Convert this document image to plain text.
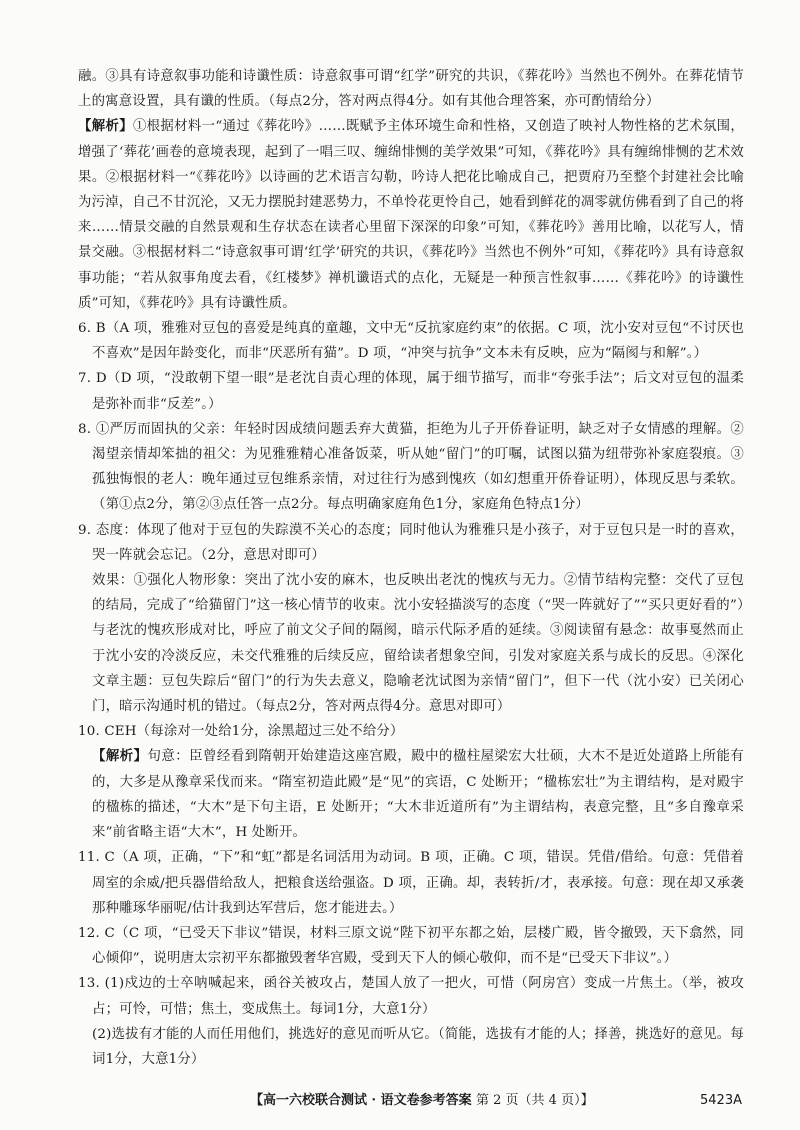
融。③具有诗意叙事功能和诗谶性质：诗意叙事可谓“红学”研究的共识，《葬花吟》当然也不例外。在葬花情节上的寓意设置，具有谶的性质。（每点2分，答对两点得4分。如有其他合理答案，亦可酌情给分）

【解析】①根据材料一“通过《葬花吟》……既赋予主体环境生命和性格，又创造了映衬人物性格的艺术氛围，增强了‘葬花’画卷的意境表现，起到了一唱三叹、缠绵悱恻的美学效果”可知，《葬花吟》具有缠绵悱恻的艺术效果。②根据材料一“《葬花吟》以诗画的艺术语言勾勒，吟诗人把花比喻成自己，把贾府乃至整个封建社会比喻为污淖，自己不甘沉沦，又无力摆脱封建恶势力，不单怜花更怜自己，她看到鲜花的凋零就仿佛看到了自己的将来……情景交融的自然景观和生存状态在读者心里留下深深的印象”可知，《葬花吟》善用比喻，以花写人，情景交融。③根据材料二“诗意叙事可谓‘红学’研究的共识，《葬花吟》当然也不例外”可知，《葬花吟》具有诗意叙事功能；“若从叙事角度去看，《红楼梦》禅机谶语式的点化，无疑是一种预言性叙事……《葬花吟》的诗谶性质”可知，《葬花吟》具有诗谶性质。

6. B（A 项，雅雅对豆包的喜爱是纯真的童趣，文中无“反抗家庭约束”的依据。C 项，沈小安对豆包“不讨厌也不喜欢”是因年龄变化，而非“厌恶所有猫”。D 项，“冲突与抗争”文本未有反映，应为“隔阂与和解”。）

7. D（D 项，“没敢朝下望一眼”是老沈自责心理的体现，属于细节描写，而非“夸张手法”；后文对豆包的温柔是弥补而非“反差”。）

8. ①严厉而固执的父亲：年轻时因成绩问题丢弃大黄猫，拒绝为儿子开侨眷证明，缺乏对子女情感的理解。②渴望亲情却笨拙的祖父：为见雅雅精心准备饭菜，听从她“留门”的叮嘱，试图以猫为纽带弥补家庭裂痕。③孤独悔恨的老人：晚年通过豆包维系亲情，对过往行为感到愧疚（如幻想重开侨眷证明），体现反思与柔软。（第①点2分，第②③点任答一点2分。每点明确家庭角色1分，家庭角色特点1分）

9. 态度：体现了他对于豆包的失踪漠不关心的态度；同时他认为雅雅只是小孩子，对于豆包只是一时的喜欢，哭一阵就会忘记。（2分，意思对即可）

效果：①强化人物形象：突出了沈小安的麻木，也反映出老沈的愧疚与无力。②情节结构完整：交代了豆包的结局，完成了“给猫留门”这一核心情节的收束。沈小安轻描淡写的态度（“哭一阵就好了”“买只更好看的”）与老沈的愧疚形成对比，呼应了前文父子间的隔阂，暗示代际矛盾的延续。③阅读留有悬念：故事戛然而止于沈小安的冷淡反应，未交代雅雅的后续反应，留给读者想象空间，引发对家庭关系与成长的反思。④深化文章主题：豆包失踪后“留门”的行为失去意义，隐喻老沈试图为亲情“留门”，但下一代（沈小安）已关闭心门，暗示沟通时机的错过。（每点2分，答对两点得4分。意思对即可）

10. CEH（每涂对一处给1分，涂黑超过三处不给分）

【解析】句意：臣曾经看到隋朝开始建造这座宫殿，殿中的楹柱屋梁宏大壮硕，大木不是近处道路上所能有的，大多是从豫章采伐而来。“隋室初造此殿”是“见”的宾语，C 处断开；“楹栋宏壮”为主谓结构，是对殿宇的楹栋的描述，“大木”是下句主语，E 处断开；“大木非近道所有”为主谓结构，表意完整，且“多自豫章采来”前省略主语“大木”，H 处断开。

11. C（A 项，正确，“下”和“虹”都是名词活用为动词。B 项，正确。C 项，错误。凭借/借给。句意：凭借着周室的余威/把兵器借给敌人，把粮食送给强盗。D 项，正确。却，表转折/才，表承接。句意：现在却又承袭那种雕琢华丽呢/估计我到达军营后，您才能进去。）

12. C（C 项，“已受天下非议”错误，材料三原文说“陛下初平东都之始，层楼广殿，皆令撤毁，天下翕然，同心倾仰”，说明唐太宗初平东都撤毁奢华宫殿，受到天下人的倾心敬仰，而不是“已受天下非议”。）

13. (1)戍边的士卒呐喊起来，函谷关被攻占，楚国人放了一把火，可惜（阿房宫）变成一片焦土。（举，被攻占；可怜，可惜；焦土，变成焦土。每词1分，大意1分）

(2)选拔有才能的人而任用他们，挑选好的意见而听从它。（简能，选拔有才能的人；择善，挑选好的意见。每词1分，大意1分）

【高一六校联合测试 · 语文卷参考答案 第 2 页（共 4 页）】	5423A
